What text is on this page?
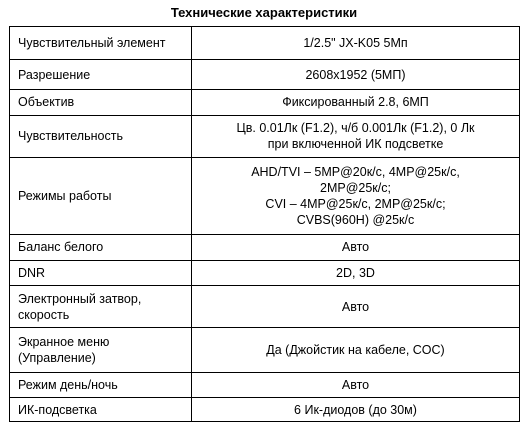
Технические характеристики
Чувствительный элемент	1/2.5" JX-K05 5Мп

Разрешение	2608x1952 (5МП)

Объектив	Фиксированный 2.8, 6МП

Чувствительность	Цв. 0.01Лк (F1.2), ч/б 0.001Лк (F1.2), 0 Лк
при включенной ИК подсветке

Режимы работы	AHD/TVI – 5MP@20к/с, 4MP@25к/с,
2MP@25к/с;
CVI – 4MP@25к/с, 2MP@25к/с;
CVBS(960H) @25к/с

Баланс белого	Авто

DNR	2D, 3D

Электронный затвор,
скорость	Авто

Экранное меню
(Управление)	Да (Джойстик на кабеле, COC)

Режим день/ночь	Авто

ИК-подсветка	6 Ик-диодов (до 30м)
